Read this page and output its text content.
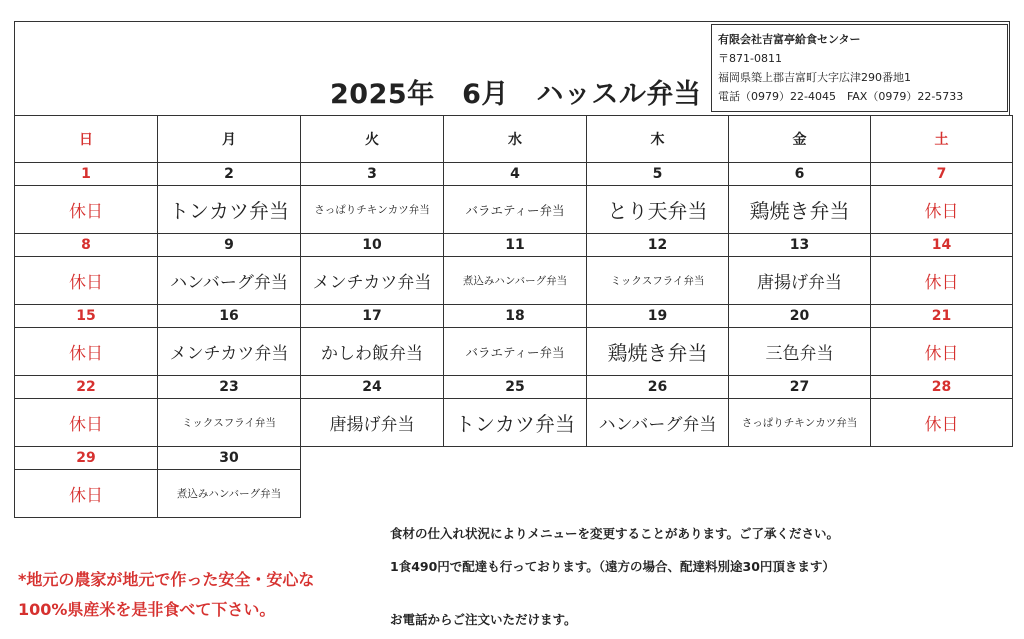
2025年　6月　ハッスル弁当
有限会社吉富亭給食センター
〒871-0811
福岡県築上郡吉富町大字広津290番地1
電話（0979）22-4045　FAX（0979）22-5733
日	月	火	水	木	金	土
1	2	3	4	5	6	7
休日	トンカツ弁当	さっぱりチキンカツ弁当	バラエティー弁当	とり天弁当	鶏焼き弁当	休日
8	9	10	11	12	13	14
休日	ハンバーグ弁当	メンチカツ弁当	煮込みハンバーグ弁当	ミックスフライ弁当	唐揚げ弁当	休日
15	16	17	18	19	20	21
休日	メンチカツ弁当	かしわ飯弁当	バラエティー弁当	鶏焼き弁当	三色弁当	休日
22	23	24	25	26	27	28
休日	ミックスフライ弁当	唐揚げ弁当	トンカツ弁当	ハンバーグ弁当	さっぱりチキンカツ弁当	休日
29	30					
休日	煮込みハンバーグ弁当					
*地元の農家が地元で作った安全・安心な
100%県産米を是非食べて下さい。
食材の仕入れ状況によりメニューを変更することがあります。ご了承ください。
1食490円で配達も行っております。（遠方の場合、配達料別途30円頂きます）
お電話からご注文いただけます。
